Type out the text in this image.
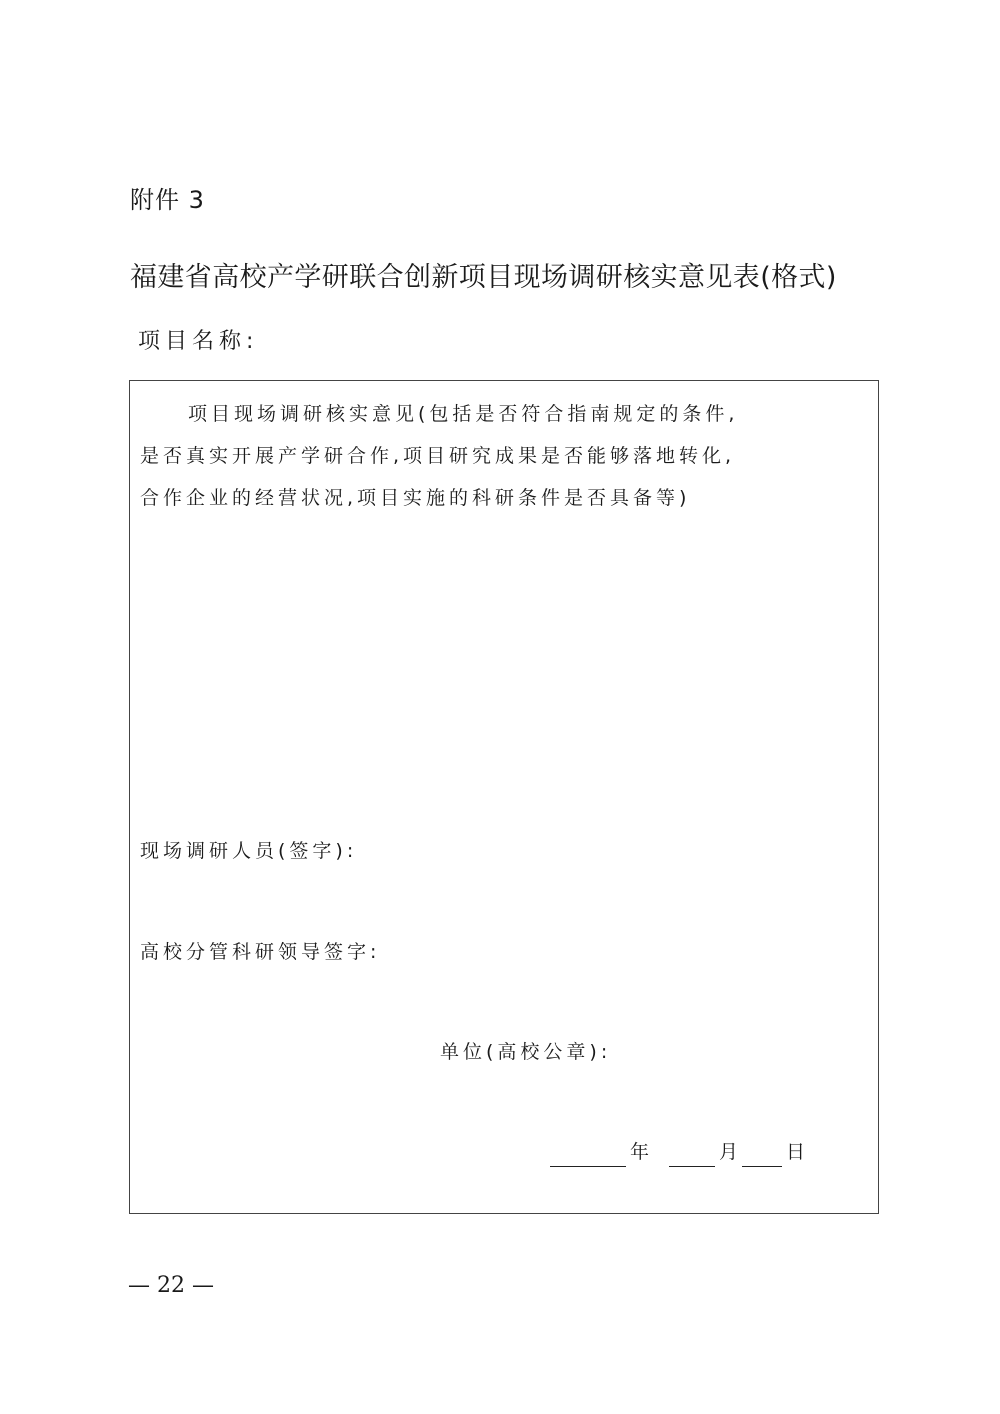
附件 3
福建省高校产学研联合创新项目现场调研核实意见表(格式)
项目名称:

项目现场调研核实意见(包括是否符合指南规定的条件,
是否真实开展产学研合作,项目研究成果是否能够落地转化,
合作企业的经营状况,项目实施的科研条件是否具备等)

现场调研人员(签字):
高校分管科研领导签字:
单位(高校公章):
年	月	日
— 22 —
